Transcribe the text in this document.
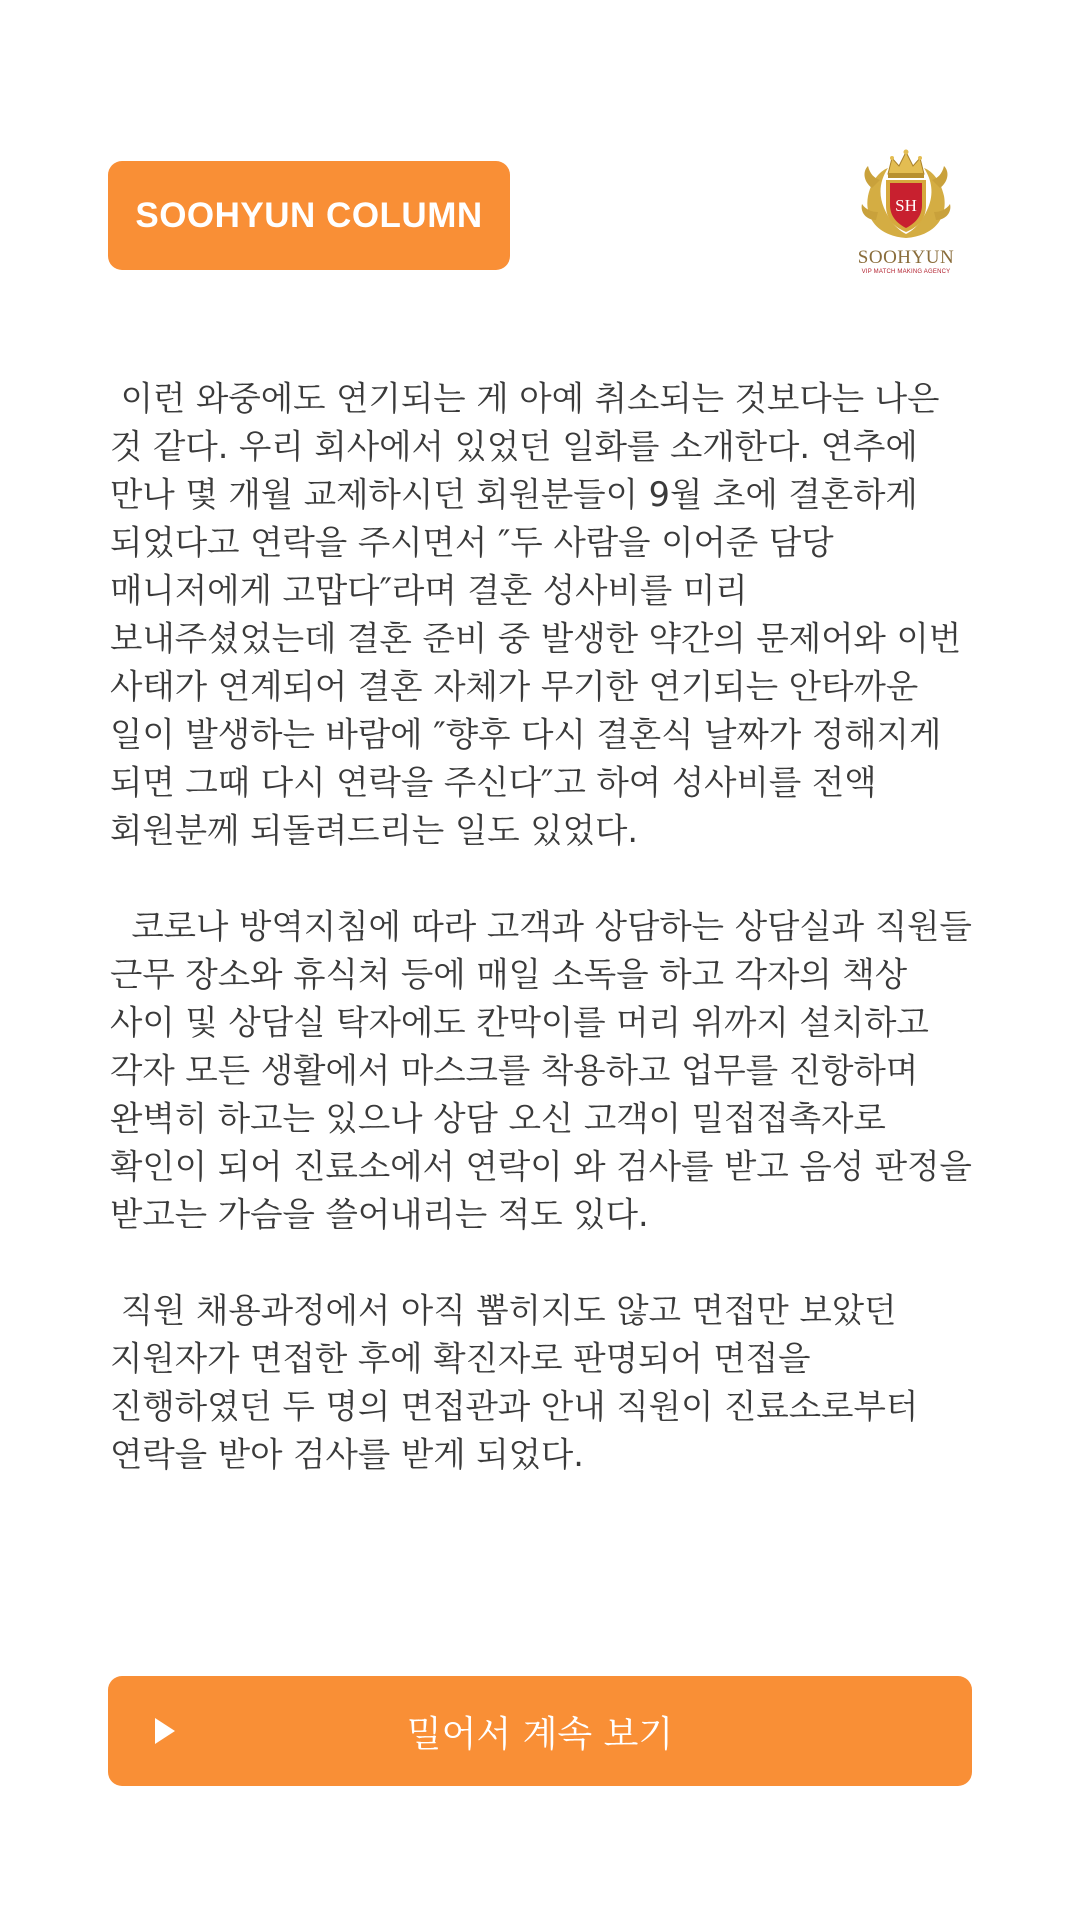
SOOHYUN COLUMN	SH
SOOHYUN
VIP MATCH MAKING AGENCY

이런 와중에도 연기되는 게 아예 취소되는 것보다는 나은 것 같다. 우리 회사에서 있었던 일화를 소개한다. 연추에 만나 몇 개월 교제하시던 회원분들이 9월 초에 결혼하게 되었다고 연락을 주시면서 ″두 사람을 이어준 담당 매니저에게 고맙다″라며 결혼 성사비를 미리 보내주셨었는데 결혼 준비 중 발생한 약간의 문제어와 이번 사태가 연계되어 결혼 자체가 무기한 연기되는 안타까운 일이 발생하는 바람에 ″향후 다시 결혼식 날짜가 정해지게 되면 그때 다시 연락을 주신다″고 하여 성사비를 전액 회원분께 되돌려드리는 일도 있었다.

코로나 방역지침에 따라 고객과 상담하는 상담실과 직원들 근무 장소와 휴식처 등에 매일 소독을 하고 각자의 책상 사이 및 상담실 탁자에도 칸막이를 머리 위까지 설치하고 각자 모든 생활에서 마스크를 착용하고 업무를 진항하며 완벽히 하고는 있으나 상담 오신 고객이 밀접접촉자로 확인이 되어 진료소에서 연락이 와 검사를 받고 음성 판정을 받고는 가슴을 쓸어내리는 적도 있다.

직원 채용과정에서 아직 뽑히지도 않고 면접만 보았던 지원자가 면접한 후에 확진자로 판명되어 면접을 진행하였던 두 명의 면접관과 안내 직원이 진료소로부터 연락을 받아 검사를 받게 되었다.

밀어서 계속 보기
